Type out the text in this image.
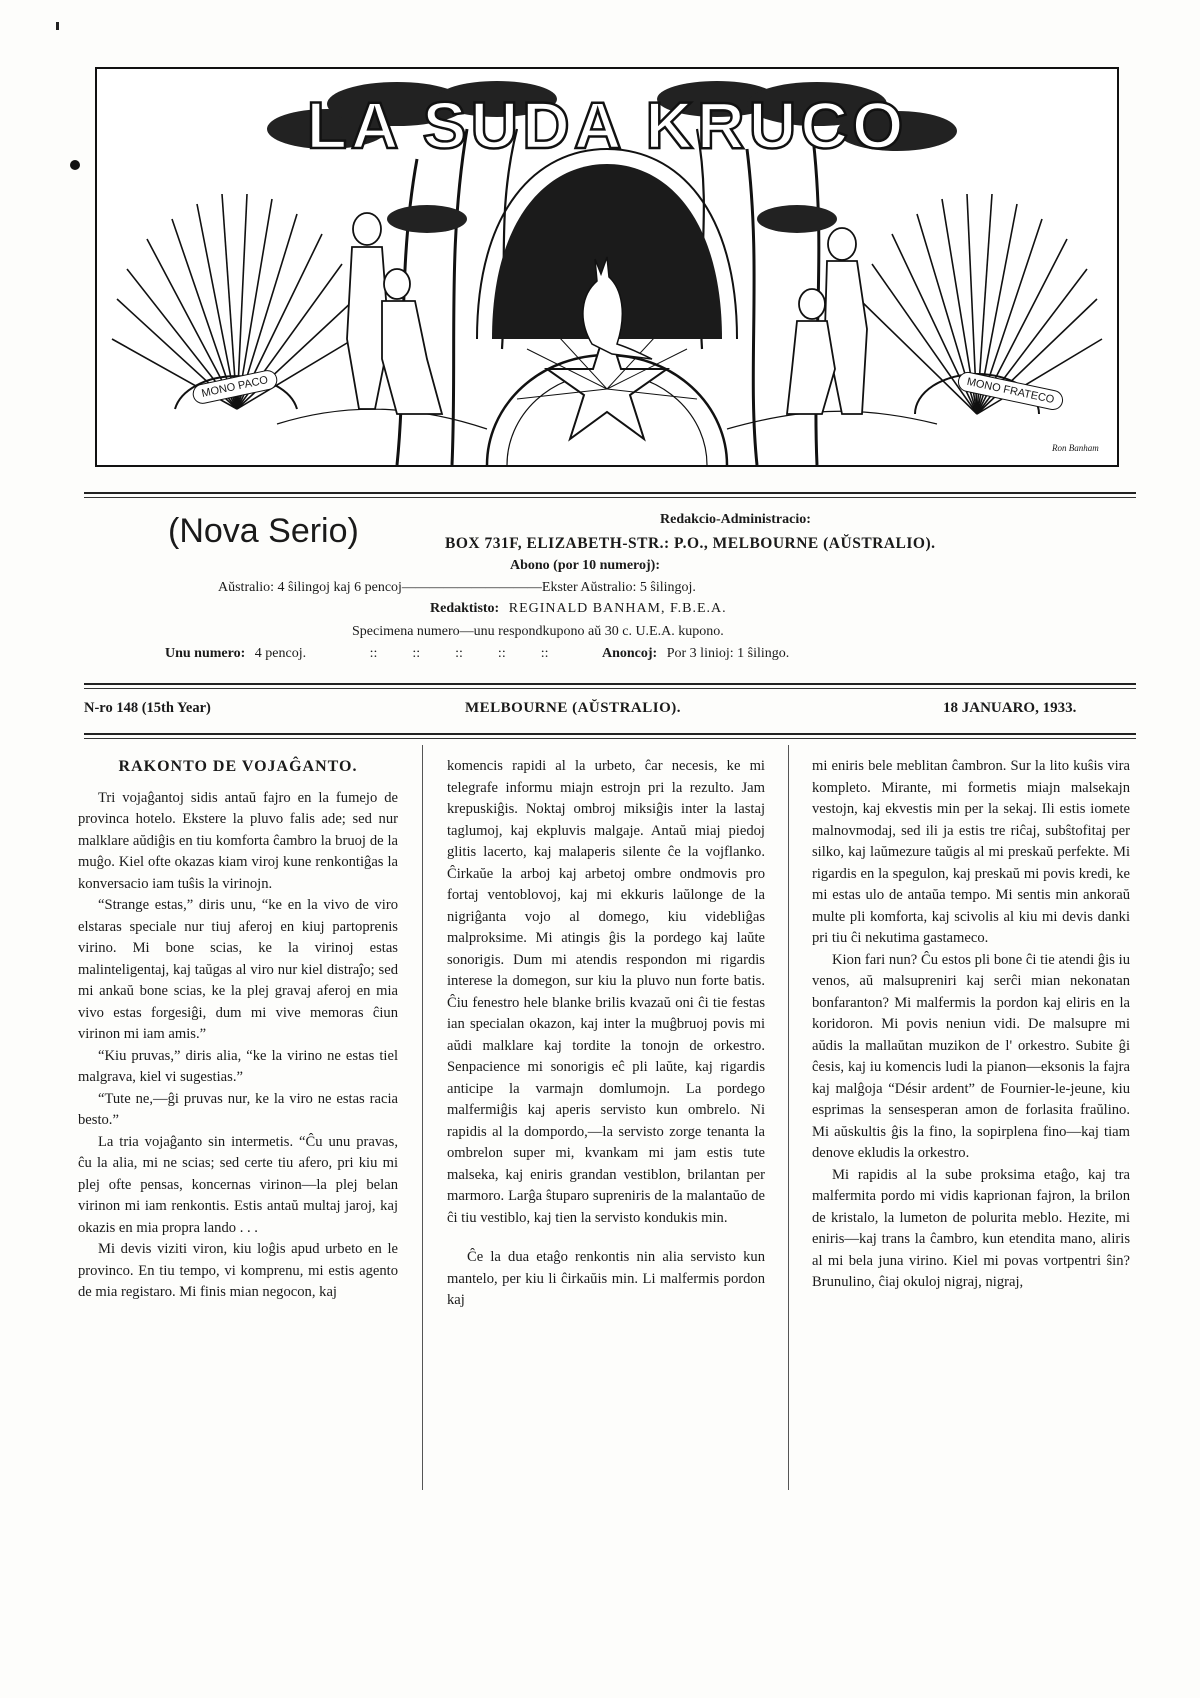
LA SUDA KRUCO
MONO PACO	MONO FRATECO
Ron Banham
(Nova Serio)	Redakcio-Administracio:
BOX 731F, ELIZABETH-STR.: P.O., MELBOURNE (AŬSTRALIO).
Abono (por 10 numeroj):
Aŭstralio: 4 ŝilingoj kaj 6 pencoj——————————Ekster Aŭstralio: 5 ŝilingoj.
Redaktisto: REGINALD BANHAM, F.B.E.A.
Specimena numero—unu respondkupono aŭ 30 c. U.E.A. kupono.
Unu numero: 4 pencoj.	::          ::          ::          ::          ::	Anoncoj: Por 3 linioj: 1 ŝilingo.
N-ro 148 (15th Year)	MELBOURNE (AŬSTRALIO).	18 JANUARO, 1933.
RAKONTO DE VOJAĜANTO.

Tri vojaĝantoj sidis antaŭ fajro en la fumejo de provinca hotelo. Ekstere la pluvo falis ade; sed nur malklare aŭdiĝis en tiu komforta ĉambro la bruoj de la muĝo. Kiel ofte okazas kiam viroj kune renkontiĝas la konversacio iam tuŝis la virinojn.

“Strange estas,” diris unu, “ke en la vivo de viro elstaras speciale nur tiuj aferoj en kiuj partoprenis virino. Mi bone scias, ke la virinoj estas malinteligentaj, kaj taŭgas al viro nur kiel distraĵo; sed mi ankaŭ bone scias, ke la plej gravaj aferoj en mia vivo estas forgesiĝi, dum mi vive memoras ĉiun virinon mi iam amis.”

“Kiu pruvas,” diris alia, “ke la virino ne estas tiel malgrava, kiel vi sugestias.”

“Tute ne,—ĝi pruvas nur, ke la viro ne estas racia besto.”

La tria vojaĝanto sin intermetis. “Ĉu unu pravas, ĉu la alia, mi ne scias; sed certe tiu afero, pri kiu mi plej ofte pensas, koncernas virinon—la plej belan virinon mi iam renkontis. Estis antaŭ multaj jaroj, kaj okazis en mia propra lando . . .

Mi devis viziti viron, kiu loĝis apud urbeto en le provinco. En tiu tempo, vi komprenu, mi estis agento de mia registaro. Mi finis mian negocon, kaj

komencis rapidi al la urbeto, ĉar necesis, ke mi telegrafe informu miajn estrojn pri la rezulto. Jam krepuskiĝis. Noktaj ombroj miksiĝis inter la lastaj taglumoj, kaj ekpluvis malgaje. Antaŭ miaj piedoj glitis lacerto, kaj malaperis silente ĉe la vojflanko. Ĉirkaŭe la arboj kaj arbetoj ombre ondmovis pro fortaj ventoblovoj, kaj mi ekkuris laŭlonge de la nigriĝanta vojo al domego, kiu videbliĝas malproksime. Mi atingis ĝis la pordego kaj laŭte sonorigis. Dum mi atendis respondon mi rigardis interese la domegon, sur kiu la pluvo nun forte batis. Ĉiu fenestro hele blanke brilis kvazaŭ oni ĉi tie festas ian specialan okazon, kaj inter la muĝbruoj povis mi aŭdi malklare kaj tordite la tonojn de orkestro. Senpacience mi sonorigis eĉ pli laŭte, kaj rigardis anticipe la varmajn domlumojn. La pordego malfermiĝis kaj aperis servisto kun ombrelo. Ni rapidis al la dompordo,—la servisto zorge tenanta la ombrelon super mi, kvankam mi jam estis tute malseka, kaj eniris grandan vestiblon, brilantan per marmoro. Larĝa ŝtuparo supreniris de la malantaŭo de ĉi tiu vestiblo, kaj tien la servisto kondukis min.

Ĉe la dua etaĝo renkontis nin alia servisto kun mantelo, per kiu li ĉirkaŭis min. Li malfermis pordon kaj

mi eniris bele meblitan ĉambron. Sur la lito kuŝis vira kompleto. Mirante, mi formetis miajn malsekajn vestojn, kaj ekvestis min per la sekaj. Ili estis iomete malnovmodaj, sed ili ja estis tre riĉaj, subŝtofitaj per silko, kaj laŭmezure taŭgis al mi preskaŭ perfekte. Mi rigardis en la spegulon, kaj preskaŭ mi povis kredi, ke mi estas ulo de antaŭa tempo. Mi sentis min ankoraŭ multe pli komforta, kaj scivolis al kiu mi devis danki pri tiu ĉi nekutima gastameco.

Kion fari nun? Ĉu estos pli bone ĉi tie atendi ĝis iu venos, aŭ malsupreniri kaj serĉi mian nekonatan bonfaranton? Mi malfermis la pordon kaj eliris en la koridoron. Mi povis neniun vidi. De malsupre mi aŭdis la mallaŭtan muzikon de l' orkestro. Subite ĝi ĉesis, kaj iu komencis ludi la pianon—eksonis la fajra kaj malĝoja “Désir ardent” de Fournier-le-jeune, kiu esprimas la sensesperan amon de forlasita fraŭlino. Mi aŭskultis ĝis la fino, la sopirplena fino—kaj tiam denove ekludis la orkestro.

Mi rapidis al la sube proksima etaĝo, kaj tra malfermita pordo mi vidis kaprionan fajron, la brilon de kristalo, la lumeton de polurita meblo. Hezite, mi eniris—kaj trans la ĉambro, kun etendita mano, aliris al mi bela juna virino. Kiel mi povas vortpentri ŝin? Brunulino, ĉiaj okuloj nigraj, nigraj,
